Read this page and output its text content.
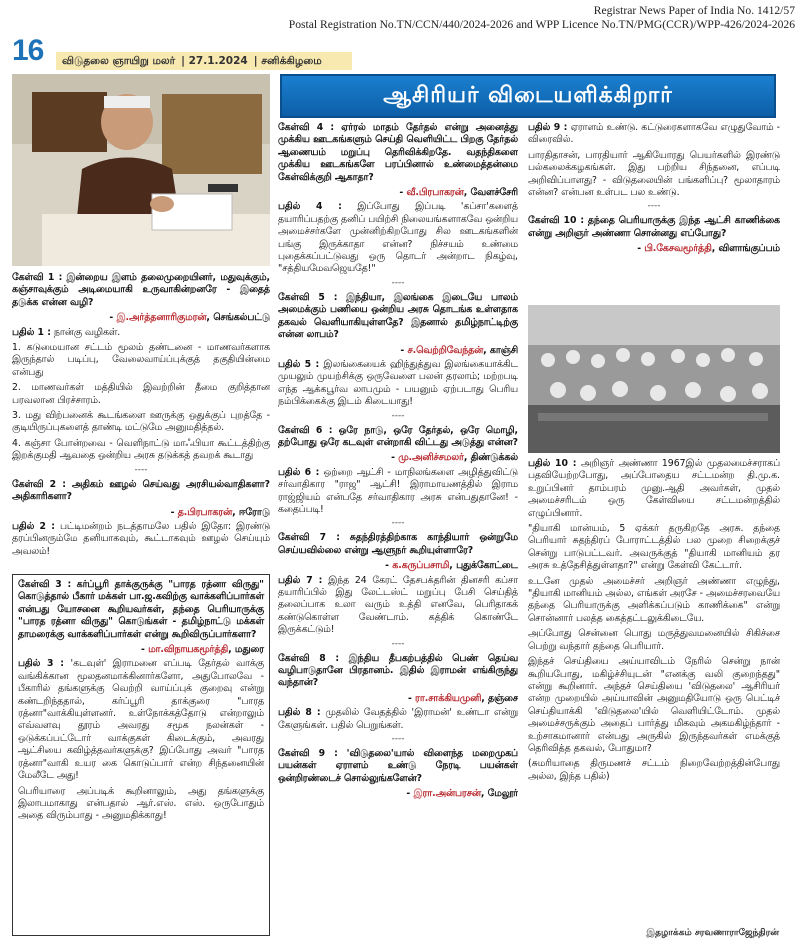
16
Registrar News Paper of India No. 1412/57
Postal Registration No.TN/CCN/440/2024-2026 and WPP Licence No.TN/PMG(CCR)/WPP-426/2024-2026
விடுதலை ஞாயிறு மலர் | 27.1.2024 | சனிக்கிழமை
ஆசிரியர் விடையளிக்கிறார்

கேள்வி 1 : இன்றைய இளம் தலைமுறையினர், மதுவுக்கும், கஞ்சாவுக்கும் அடிமையாகி உருவாகின்றனரே - இதைத் தடுக்க என்ன வழி?

- இ.அர்த்தனாரிகுமரன், செங்கல்பட்டு

பதில் 1 : நான்கு வழிகள்.

1. கடுமையான சட்டம் மூலம் தண்டனை - மாணவர்களாக இருந்தால் படிப்பு, வேலைவாய்ப்புக்குத் தகுதியின்மை என்பது

2. மாணவர்கள் மத்தியில் இவற்றின் தீமை குறித்தான பரவலான பிரச்சாரம்.

3. மது விற்பனைக் கூடங்களை ஊருக்கு ஒதுக்குப் புறத்தே - குடியிருப்புகளைத் தாண்டி மட்டுமே அனுமதித்தல்.

4. கஞ்சா போன்றவை - வெளிநாட்டு மாஃபியா கூட்டத்திற்கு இறக்குமதி ஆவதை ஒன்றிய அரசு தடுக்கத் தவறக் கூடாது

----

கேள்வி 2 : அதிகம் ஊழல் செய்வது அரசியல்வாதிகளா? அதிகாரிகளா?

- த.பிரபாகரன், ஈரோடு

பதில் 2 : பட்டிமன்றம் நடத்தாமலே பதில் இதோ: இரண்டு தரப்பினரும்மே தனியாகவும், கூட்டாகவும் ஊழல் செய்யும் அவலம்!

கேள்வி 3 : கர்ப்பூரி தாக்குருக்கு "பாரத ரத்னா விருது" கொடுத்தால் பீகார் மக்கள் பா.ஜ.கவிற்கு வாக்களிப்பார்கள் என்பது யோசனை கூறியவர்கள், தந்தை பெரியாருக்கு "பாரத ரத்னா விருது" கொடுங்கள் - தமிழ்நாட்டு மக்கள் தாமரைக்கு வாக்களிப்பார்கள் என்று கூறிவிருப்பார்களா?

- மா.விநாயகமூர்த்தி, மதுரை

பதில் 3 : 'கடவுள்' இராமனை எப்படி தேர்தல் வாக்கு வங்கிக்கான மூலதனமாக்கினார்களோ, அதுபோலவே - பீகாரில் தங்களுக்கு வெற்றி வாய்ப்புக் குறைவு என்று கண்டறிந்ததால், கர்ப்பூரி தாக்குரை "பாரத ரத்னா"வாக்கியுள்ளனர். உள்நோக்கத்தோடு என்றாலும் எவ்வளவு தூரம் அவரது சமூக நலன்கள் - ஒடுக்கப்பட்டோர் வாக்குகள் கிடைக்கும், அவரது ஆட்சியை கவிழ்த்தவர்களுக்கு? இப்போது அவர் "பாரத ரத்னா"வாகி உயர கை கொடுப்பார் என்ற சிந்தனையின் மேலீடே அது!

பெரியாரை அப்படிக் கூறினாலும், அது தங்களுக்கு இலாபமாகாது என்பதால் ஆர்.எஸ். எஸ். ஒருபோதும் அதை விரும்பாது - அனுமதிக்காது!

கேள்வி 4 : ஏர்ரல் மாதம் தேர்தல் என்று அனைத்து முக்கிய ஊடகங்களும் செய்தி வெளியிட்ட பிறகு தேர்தல் ஆணையம் மறுப்பு தெரிவிக்கிறதே. வதந்திகளை முக்கிய ஊடகங்களே பரப்பினால் உண்மைத்தன்மை கேள்விக்குறி ஆகாதா?

- வீ.பிரபாகரன், வேளச்சேரி

பதில் 4 : இப்போது இப்படி 'கப்சா'களைத் தயாரிப்பதற்கு தனிப் பயிற்சி நிலையங்களாகவே ஒன்றிய அமைச்சர்களே முன்னிற்கிறபோது சில ஊடகங்களின் பங்கு இருக்காதா என்ன? நிச்சயம் உண்மை புதைக்கப்பட்டுவது ஒரு தொடர் அன்றாட நிகழ்வு, "சத்தியமேவஜெயதே!"

----

கேள்வி 5 : இந்தியா, இலங்கை இடையே பாலம் அமைக்கும் பணியை ஒன்றிய அரசு தொடங்க உள்ளதாக தகவல் வெளியாகியுள்ளதே? இதனால் தமிழ்நாட்டிற்கு என்ன லாபம்?

- ச.வெற்றிவேந்தன், காஞ்சி

பதில் 5 : இலங்கையைக் ஹிந்துத்துவ இலங்கையாக்கிட முயலும் முயற்சிக்கு ஒருவேளை பலன் தரலாம்; மற்றபடி எந்த ஆக்கபூர்வ லாபமும் - பயனும் ஏற்படாது பெரிய நம்பிக்கைக்கு இடம் கிடையாது!

----

கேள்வி 6 : ஒரே நாடு, ஒரே தேர்தல், ஒரே மொழி, தற்போது ஒரே கடவுள் என்றாகி விட்டது அடுத்து என்ன?

- மு.அனிச்சமலர், திண்டுக்கல்

பதில் 6 : ஒற்றை ஆட்சி - மாநிலங்களை அழித்துவிட்டு சர்வாதிகார "ராஜ" ஆட்சி! இராமாயணத்தில் இராம ராஜ்ஜியம் என்பதே சர்வாதிகார அரசு என்பதுதானே! - கதைப்படி!

----

கேள்வி 7 : சுதந்திரத்திற்காக காந்தியார் ஒன்றுமே செய்யவில்லை என்று ஆளுநர் கூறியுள்ளாரே?

- க.கருப்பசாமி, புதுக்கோட்டை

பதில் 7 : இந்த 24 கேரட் தேசபக்தரின் தினசரி கப்சா தயாரிப்பில் இது லேட்டஸ்ட் மறுப்பு பேசி செய்தித் தலைப்பாக உலா வரும் உத்தி எனவே, பெரிதாகக் கண்டுகொள்ள வேண்டாம். கத்திக் கொண்டே இருக்கட்டும்!

----

கேள்வி 8 : இந்திய தீபகற்பத்தில் பெண் தெய்வ வழிபாடுதானே பிரதானம். இதில் இராமன் எங்கிருந்து வந்தான்?

- ரா.சாக்கியமுனி, தஞ்சை

பதில் 8 : முதலில் வேதத்தில் 'இராமன்' உண்டா என்று கேளுங்கள். பதில் பெறுங்கள்.

----

கேள்வி 9 : 'விடுதலை'யால் விளைந்த மறைமுகப் பயன்கள் ஏராளம் உண்டு நேரடி பயன்கள் ஒன்றிரண்டைச் சொல்லுங்களேன்?

- இரா.அன்பரசன், மேலூர்

பதில் 9 : ஏராளம் உண்டு. கட்டுரைகளாகவே எழுதுவோம் - விரைவில்.

பாரதிதாசன், பாரதியார் ஆகியோரது பெயர்களில் இரண்டு பல்கலைக்கழகங்கள். இது பற்றிய சிந்தனை, எப்படி அறிவிப்பாளது? - விடுதலையின் பங்களிப்பு? மூலாதாரம் என்ன? என்பன உள்பட பல உண்டு.

----

கேள்வி 10 : தந்தை பெரியாருக்கு இந்த ஆட்சி காணிக்கை என்று அறிஞர் அண்ணா சொன்னது எப்போது?

- பி.கேசவமூர்த்தி, விளாங்குப்பம்

பதில் 10 : அறிஞர் அண்ணா 1967இல் முதலமைச்சராகப் பதவியேற்றபோது, அப்போதைய சட்டமன்ற தி.மு.க. உறுப்பினர் தாம்பரம் முனு.ஆதி அவர்கள், முதல் அமைச்சரிடம் ஒரு கேள்வியை சட்டமன்றத்தில் எழுப்பினார்.

"தியாகி மான்யம், 5 ஏக்கர் தருகிறதே அரசு. தந்தை பெரியார் சுதந்திரப் போராட்டத்தில் பல முறை சிறைக்குச் சென்று பாடுபட்டவர். அவருக்குத் "தியாகி மானியம் தர அரசு உத்தேசித்துள்ளதா?" என்று கேள்வி கேட்டார்.

உடனே முதல் அமைச்சர் அறிஞர் அண்ணா எழுந்து, "தியாகி மானியம் அல்ல, எங்கள் அரசே - அமைச்சரவையே தந்தை பெரியாருக்கு அளிக்கப்படும் காணிக்கை" என்று சொன்னார் பலத்த கைத்தட்டலுக்கிடையே.

அப்போது சென்னை பொது மருத்துவமனையில் சிகிச்சை பெற்று வந்தார் தந்தை பெரியார்.

இந்தச் செய்தியை அய்யாவிடம் நேரில் சென்று நான் கூறியபோது, மகிழ்ச்சியுடன் "எனக்கு வலி குறைந்தது" என்று கூறினார். அந்தச் செய்தியை 'விடுதலை' ஆசிரியர் என்ற முறையில் அய்யாவின் அனுமதியோடு ஒரு பெட்டிச் செய்தியாக்கி 'விடுதலை'யில் வெளியிட்டோம். முதல் அமைச்சருக்கும் அதைப் பார்த்து மிகவும் அகமகிழ்ந்தார் - உற்சாகமானார் என்பது அருகில் இருந்தவர்கள் எமக்குத் தெரிவித்த தகவல், போதுமா?

(சுமரியாதை திருமணச் சட்டம் நிறைவேற்றத்தின்போது அல்ல, இந்த பதில்)

இதழாக்கம் சரவணாராஜேந்திரன்
